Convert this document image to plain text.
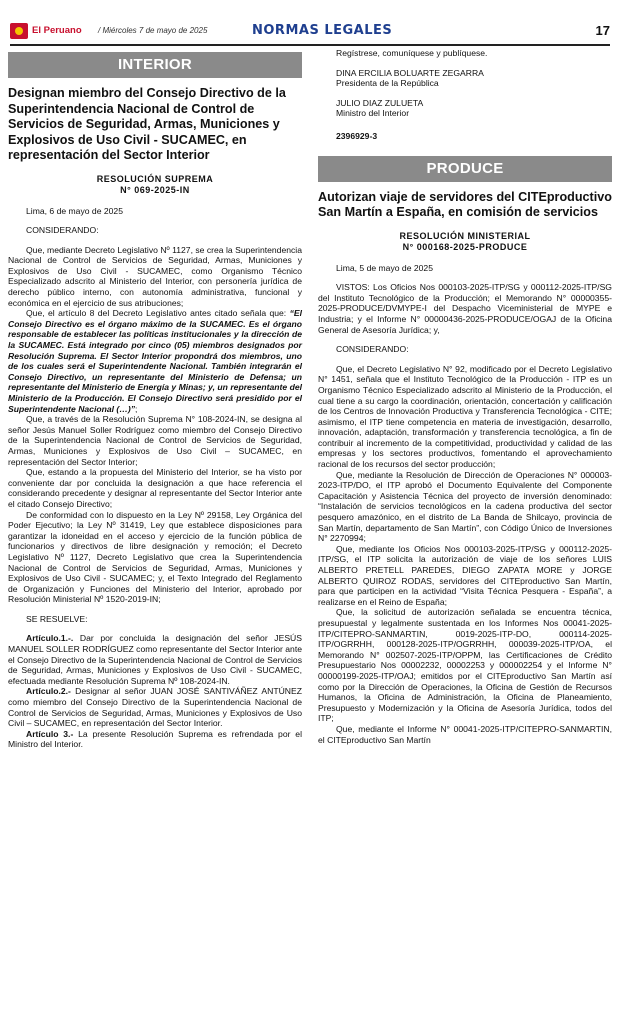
El Peruano / Miércoles 7 de mayo de 2025	NORMAS LEGALES	17
INTERIOR
Designan miembro del Consejo Directivo de la Superintendencia Nacional de Control de Servicios de Seguridad, Armas, Municiones y Explosivos de Uso Civil - SUCAMEC, en representación del Sector Interior
RESOLUCIÓN SUPREMA
N° 069-2025-IN

Lima, 6 de mayo de 2025

CONSIDERANDO:

Que, mediante Decreto Legislativo Nº 1127, se crea la Superintendencia Nacional de Control de Servicios de Seguridad, Armas, Municiones y Explosivos de Uso Civil - SUCAMEC, como Organismo Técnico Especializado adscrito al Ministerio del Interior, con personería jurídica de derecho público interno, con autonomía administrativa, funcional y económica en el ejercicio de sus atribuciones;

Que, el artículo 8 del Decreto Legislativo antes citado señala que: “El Consejo Directivo es el órgano máximo de la SUCAMEC. Es el órgano responsable de establecer las políticas institucionales y la dirección de la SUCAMEC. Está integrado por cinco (05) miembros designados por Resolución Suprema. El Sector Interior propondrá dos miembros, uno de los cuales será el Superintendente Nacional. También integrarán el Consejo Directivo, un representante del Ministerio de Defensa; un representante del Ministerio de Energía y Minas; y, un representante del Ministerio de la Producción. El Consejo Directivo será presidido por el Superintendente Nacional (…)”;

Que, a través de la Resolución Suprema N° 108-2024-IN, se designa al señor Jesús Manuel Soller Rodríguez como miembro del Consejo Directivo de la Superintendencia Nacional de Control de Servicios de Seguridad, Armas, Municiones y Explosivos de Uso Civil – SUCAMEC, en representación del Sector Interior;

Que, estando a la propuesta del Ministerio del Interior, se ha visto por conveniente dar por concluida la designación a que hace referencia el considerando precedente y designar al representante del Sector Interior ante el citado Consejo Directivo;

De conformidad con lo dispuesto en la Ley Nº 29158, Ley Orgánica del Poder Ejecutivo; la Ley Nº 31419, Ley que establece disposiciones para garantizar la idoneidad en el acceso y ejercicio de la función pública de funcionarios y directivos de libre designación y remoción; el Decreto Legislativo Nº 1127, Decreto Legislativo que crea la Superintendencia Nacional de Control de Servicios de Seguridad, Armas, Municiones y Explosivos de Uso Civil - SUCAMEC; y, el Texto Integrado del Reglamento de Organización y Funciones del Ministerio del Interior, aprobado por Resolución Ministerial Nº 1520-2019-IN;

SE RESUELVE:

Artículo.1.-. Dar por concluida la designación del señor JESÚS MANUEL SOLLER RODRÍGUEZ como representante del Sector Interior ante el Consejo Directivo de la Superintendencia Nacional de Control de Servicios de Seguridad, Armas, Municiones y Explosivos de Uso Civil - SUCAMEC, efectuada mediante Resolución Suprema Nº 108-2024-IN.

Artículo.2.- Designar al señor JUAN JOSÉ SANTIVÁÑEZ ANTÚNEZ como miembro del Consejo Directivo de la Superintendencia Nacional de Control de Servicios de Seguridad, Armas, Municiones y Explosivos de Uso Civil – SUCAMEC, en representación del Sector Interior.

Artículo 3.- La presente Resolución Suprema es refrendada por el Ministro del Interior.

Regístrese, comuníquese y publíquese.

DINA ERCILIA BOLUARTE ZEGARRA

Presidenta de la República

JULIO DIAZ ZULUETA

Ministro del Interior

2396929-3

PRODUCE
Autorizan viaje de servidores del CITEproductivo San Martín a España, en comisión de servicios
RESOLUCIÓN MINISTERIAL
N° 000168-2025-PRODUCE

Lima, 5 de mayo de 2025

VISTOS: Los Oficios Nos 000103-2025-ITP/SG y 000112-2025-ITP/SG del Instituto Tecnológico de la Producción; el Memorando N° 00000355-2025-PRODUCE/DVMYPE-I del Despacho Viceministerial de MYPE e Industria; y el Informe N° 00000436-2025-PRODUCE/OGAJ de la Oficina General de Asesoría Jurídica; y,

CONSIDERANDO:

Que, el Decreto Legislativo N° 92, modificado por el Decreto Legislativo N° 1451, señala que el Instituto Tecnológico de la Producción - ITP es un Organismo Técnico Especializado adscrito al Ministerio de la Producción, el cual tiene a su cargo la coordinación, orientación, concertación y calificación de los Centros de Innovación Productiva y Transferencia Tecnológica - CITE; asimismo, el ITP tiene competencia en materia de investigación, desarrollo, innovación, adaptación, transformación y transferencia tecnológica, a fin de contribuir al incremento de la competitividad, productividad y calidad de las empresas y los sectores productivos, fomentando el aprovechamiento racional de los recursos del sector producción;

Que, mediante la Resolución de Dirección de Operaciones N° 000003-2023-ITP/DO, el ITP aprobó el Documento Equivalente del Componente Capacitación y Asistencia Técnica del proyecto de inversión denominado: “Instalación de servicios tecnológicos en la cadena productiva del sector pesquero amazónico, en el distrito de La Banda de Shilcayo, provincia de San Martín, departamento de San Martín”, con Código Único de Inversiones N° 2270994;

Que, mediante los Oficios Nos 000103-2025-ITP/SG y 000112-2025-ITP/SG, el ITP solicita la autorización de viaje de los señores LUIS ALBERTO PRETELL PAREDES, DIEGO ZAPATA MORE y JORGE ALBERTO QUIROZ RODAS, servidores del CITEproductivo San Martín, para que participen en la actividad “Visita Técnica Pesquera - España”, a realizarse en el Reino de España;

Que, la solicitud de autorización señalada se encuentra técnica, presupuestal y legalmente sustentada en los Informes Nos 00041-2025-ITP/CITEPRO-SANMARTIN, 0019-2025-ITP-DO, 000114-2025-ITP/OGRRHH, 000128-2025-ITP/OGRRHH, 000039-2025-ITP/OA, el Memorando N° 002507-2025-ITP/OPPM, las Certificaciones de Crédito Presupuestario Nos 00002232, 00002253 y 000002254 y el Informe N° 00000199-2025-ITP/OAJ; emitidos por el CITEproductivo San Martín así como por la Dirección de Operaciones, la Oficina de Gestión de Recursos Humanos, la Oficina de Administración, la Oficina de Planeamiento, Presupuesto y Modernización y la Oficina de Asesoría Jurídica, todos del ITP;

Que, mediante el Informe N° 00041-2025-ITP/CITEPRO-SANMARTIN, el CITEproductivo San Martín
